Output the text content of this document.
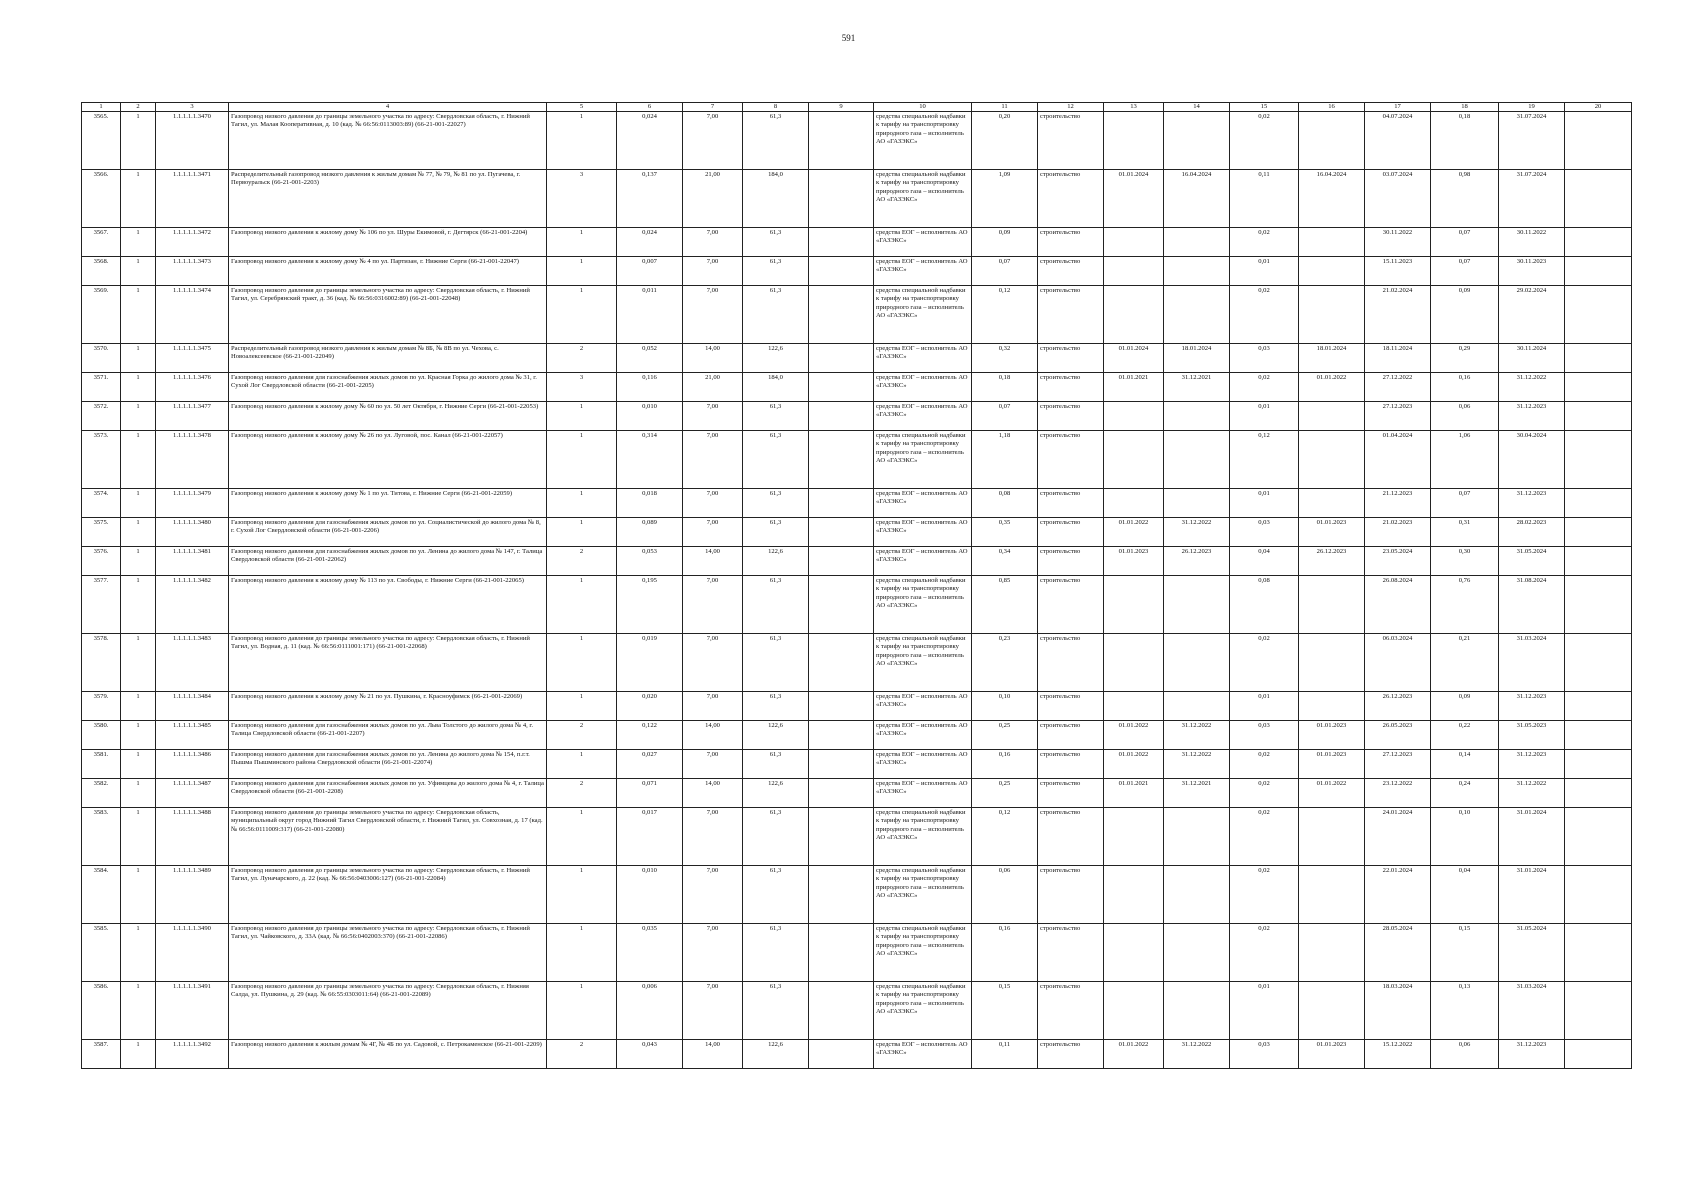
591
1	2	3	4	5	6	7	8	9	10	11	12	13	14	15	16	17	18	19	20
3565.	1	1.1.1.1.1.3470	Газопровод низкого давления до границы земельного участка по адресу: Свердловская область, г. Нижний Тагил, ул. Малая Кооперативная, д. 10 (кад. № 66:56:0113003:89) (66-21-001-22027)	1	0,024	7,00	61,3		средства специальной надбавки к тарифу на транспортировку природного газа – исполнитель АО «ГАЗЭКС»	0,20	строительство			0,02		04.07.2024	0,18	31.07.2024	
3566.	1	1.1.1.1.1.3471	Распределительный газопровод низкого давления к жилым домам № 77, № 79, № 81 по ул. Пугачева, г. Первоуральск (66-21-001-2203)	3	0,137	21,00	184,0		средства специальной надбавки к тарифу на транспортировку природного газа – исполнитель АО «ГАЗЭКС»	1,09	строительство	01.01.2024	16.04.2024	0,11	16.04.2024	03.07.2024	0,98	31.07.2024	
3567.	1	1.1.1.1.1.3472	Газопровод низкого давления к жилому дому № 106 по ул. Шуры Екимовой, г. Дегтярск (66-21-001-2204)	1	0,024	7,00	61,3		средства ЕОГ – исполнитель АО «ГАЗЭКС»	0,09	строительство			0,02		30.11.2022	0,07	30.11.2022	
3568.	1	1.1.1.1.1.3473	Газопровод низкого давления к жилому дому № 4 по ул. Партизан, г. Нижние Серги (66-21-001-22047)	1	0,007	7,00	61,3		средства ЕОГ – исполнитель АО «ГАЗЭКС»	0,07	строительство			0,01		15.11.2023	0,07	30.11.2023	
3569.	1	1.1.1.1.1.3474	Газопровод низкого давления до границы земельного участка по адресу: Свердловская область, г. Нижний Тагил, ул. Серебрянский тракт, д. 36 (кад. № 66:56:0316002:89) (66-21-001-22048)	1	0,011	7,00	61,3		средства специальной надбавки к тарифу на транспортировку природного газа – исполнитель АО «ГАЗЭКС»	0,12	строительство			0,02		21.02.2024	0,09	29.02.2024	
3570.	1	1.1.1.1.1.3475	Распределительный газопровод низкого давления к жилым домам № 8Б, № 8В по ул. Чехова, с. Новоалексеевское (66-21-001-22049)	2	0,052	14,00	122,6		средства ЕОГ – исполнитель АО «ГАЗЭКС»	0,32	строительство	01.01.2024	18.01.2024	0,03	18.01.2024	18.11.2024	0,29	30.11.2024	
3571.	1	1.1.1.1.1.3476	Газопровод низкого давления для газоснабжения жилых домов по ул. Красная Горка до жилого дома № 31, г. Сухой Лог Свердловской области (66-21-001-2205)	3	0,116	21,00	184,0		средства ЕОГ – исполнитель АО «ГАЗЭКС»	0,18	строительство	01.01.2021	31.12.2021	0,02	01.01.2022	27.12.2022	0,16	31.12.2022	
3572.	1	1.1.1.1.1.3477	Газопровод низкого давления к жилому дому № 60 по ул. 50 лет Октября, г. Нижние Серги (66-21-001-22053)	1	0,010	7,00	61,3		средства ЕОГ – исполнитель АО «ГАЗЭКС»	0,07	строительство			0,01		27.12.2023	0,06	31.12.2023	
3573.	1	1.1.1.1.1.3478	Газопровод низкого давления к жилому дому № 26 по ул. Луговой, пос. Канал (66-21-001-22057)	1	0,314	7,00	61,3		средства специальной надбавки к тарифу на транспортировку природного газа – исполнитель АО «ГАЗЭКС»	1,18	строительство			0,12		01.04.2024	1,06	30.04.2024	
3574.	1	1.1.1.1.1.3479	Газопровод низкого давления к жилому дому № 1 по ул. Титова, г. Нижние Серги (66-21-001-22059)	1	0,018	7,00	61,3		средства ЕОГ – исполнитель АО «ГАЗЭКС»	0,08	строительство			0,01		21.12.2023	0,07	31.12.2023	
3575.	1	1.1.1.1.1.3480	Газопровод низкого давления для газоснабжения жилых домов по ул. Социалистической до жилого дома № 8, г. Сухой Лог Свердловской области (66-21-001-2206)	1	0,089	7,00	61,3		средства ЕОГ – исполнитель АО «ГАЗЭКС»	0,35	строительство	01.01.2022	31.12.2022	0,03	01.01.2023	21.02.2023	0,31	28.02.2023	
3576.	1	1.1.1.1.1.3481	Газопровод низкого давления для газоснабжения жилых домов по ул. Ленина до жилого дома № 147, г. Талица Свердловской области (66-21-001-22062)	2	0,053	14,00	122,6		средства ЕОГ – исполнитель АО «ГАЗЭКС»	0,34	строительство	01.01.2023	26.12.2023	0,04	26.12.2023	23.05.2024	0,30	31.05.2024	
3577.	1	1.1.1.1.1.3482	Газопровод низкого давления к жилому дому № 113 по ул. Свободы, г. Нижние Серги (66-21-001-22065)	1	0,195	7,00	61,3		средства специальной надбавки к тарифу на транспортировку природного газа – исполнитель АО «ГАЗЭКС»	0,85	строительство			0,08		26.08.2024	0,76	31.08.2024	
3578.	1	1.1.1.1.1.3483	Газопровод низкого давления до границы земельного участка по адресу: Свердловская область, г. Нижний Тагил, ул. Водная, д. 11 (кад. № 66:56:0111001:171) (66-21-001-22068)	1	0,019	7,00	61,3		средства специальной надбавки к тарифу на транспортировку природного газа – исполнитель АО «ГАЗЭКС»	0,23	строительство			0,02		06.03.2024	0,21	31.03.2024	
3579.	1	1.1.1.1.1.3484	Газопровод низкого давления к жилому дому № 21 по ул. Пушкина, г. Красноуфимск (66-21-001-22069)	1	0,020	7,00	61,3		средства ЕОГ – исполнитель АО «ГАЗЭКС»	0,10	строительство			0,01		26.12.2023	0,09	31.12.2023	
3580.	1	1.1.1.1.1.3485	Газопровод низкого давления для газоснабжения жилых домов по ул. Льва Толстого до жилого дома № 4, г. Талица Свердловской области (66-21-001-2207)	2	0,122	14,00	122,6		средства ЕОГ – исполнитель АО «ГАЗЭКС»	0,25	строительство	01.01.2022	31.12.2022	0,03	01.01.2023	26.05.2023	0,22	31.05.2023	
3581.	1	1.1.1.1.1.3486	Газопровод низкого давления для газоснабжения жилых домов по ул. Ленина до жилого дома № 154, п.г.т. Пышма Пышминского района Свердловской области (66-21-001-22074)	1	0,027	7,00	61,3		средства ЕОГ – исполнитель АО «ГАЗЭКС»	0,16	строительство	01.01.2022	31.12.2022	0,02	01.01.2023	27.12.2023	0,14	31.12.2023	
3582.	1	1.1.1.1.1.3487	Газопровод низкого давления для газоснабжения жилых домов по ул. Уфимцева до жилого дома № 4, г. Талица Свердловской области (66-21-001-2208)	2	0,071	14,00	122,6		средства ЕОГ – исполнитель АО «ГАЗЭКС»	0,25	строительство	01.01.2021	31.12.2021	0,02	01.01.2022	23.12.2022	0,24	31.12.2022	
3583.	1	1.1.1.1.1.3488	Газопровод низкого давления до границы земельного участка по адресу: Свердловская область, муниципальный округ город Нижний Тагил Свердловской области, г. Нижний Тагил, ул. Совхозная, д. 17 (кад. № 66:56:0111009:317) (66-21-001-22080)	1	0,017	7,00	61,3		средства специальной надбавки к тарифу на транспортировку природного газа – исполнитель АО «ГАЗЭКС»	0,12	строительство			0,02		24.01.2024	0,10	31.01.2024	
3584.	1	1.1.1.1.1.3489	Газопровод низкого давления до границы земельного участка по адресу: Свердловская область, г. Нижний Тагил, ул. Луначарского, д. 22 (кад. № 66:56:0403006:127) (66-21-001-22084)	1	0,010	7,00	61,3		средства специальной надбавки к тарифу на транспортировку природного газа – исполнитель АО «ГАЗЭКС»	0,06	строительство			0,02		22.01.2024	0,04	31.01.2024	
3585.	1	1.1.1.1.1.3490	Газопровод низкого давления до границы земельного участка по адресу: Свердловская область, г. Нижний Тагил, ул. Чайковского, д. 33А (кад. № 66:56:0402003:370) (66-21-001-22086)	1	0,035	7,00	61,3		средства специальной надбавки к тарифу на транспортировку природного газа – исполнитель АО «ГАЗЭКС»	0,16	строительство			0,02		28.05.2024	0,15	31.05.2024	
3586.	1	1.1.1.1.1.3491	Газопровод низкого давления до границы земельного участка по адресу: Свердловская область, г. Нижняя Салда, ул. Пушкина, д. 29 (кад. № 66:55:0303011:64) (66-21-001-22089)	1	0,006	7,00	61,3		средства специальной надбавки к тарифу на транспортировку природного газа – исполнитель АО «ГАЗЭКС»	0,15	строительство			0,01		18.03.2024	0,13	31.03.2024	
3587.	1	1.1.1.1.1.3492	Газопровод низкого давления к жилым домам № 4Г, № 4Б по ул. Садовой, с. Петрокаменское (66-21-001-2209)	2	0,043	14,00	122,6		средства ЕОГ – исполнитель АО «ГАЗЭКС»	0,11	строительство	01.01.2022	31.12.2022	0,03	01.01.2023	15.12.2022	0,06	31.12.2023	
